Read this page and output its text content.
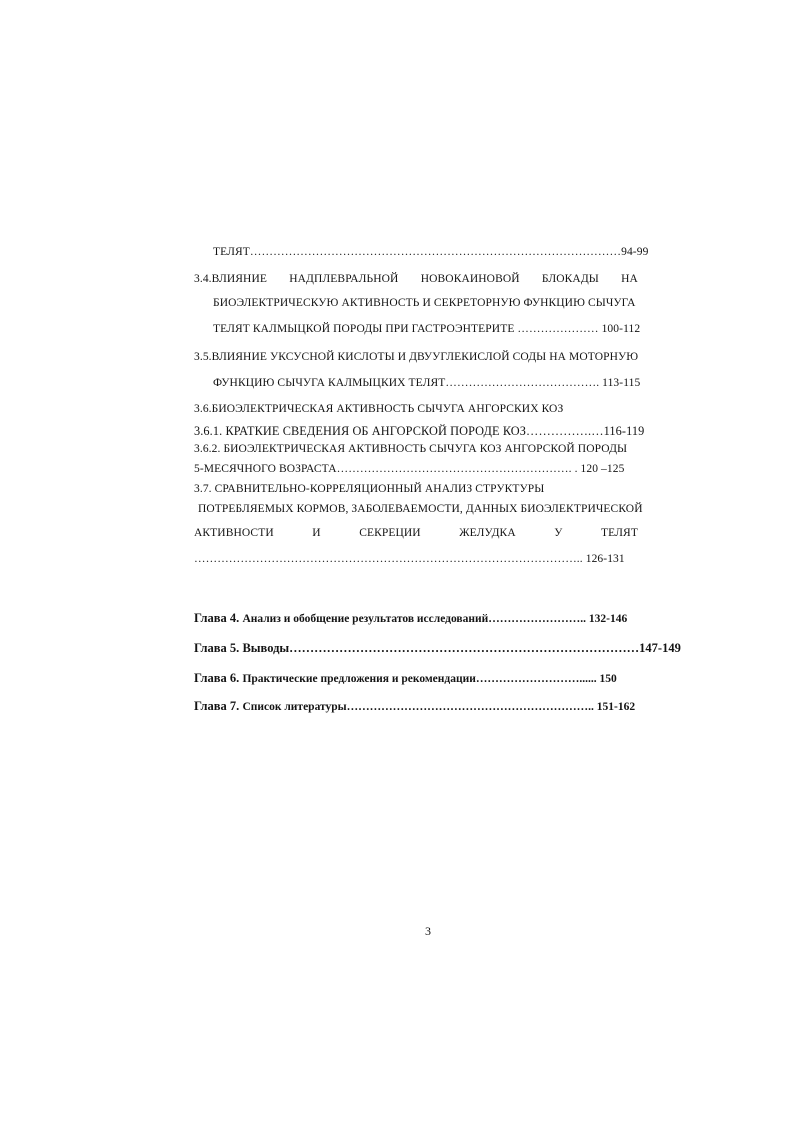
ТЕЛЯТ……………………………………………………………………………………94-99
3.4.ВЛИЯНИЕ НАДПЛЕВРАЛЬНОЙ НОВОКАИНОВОЙ БЛОКАДЫ НА
БИОЭЛЕКТРИЧЕСКУЮ АКТИВНОСТЬ И СЕКРЕТОРНУЮ ФУНКЦИЮ СЫЧУГА
ТЕЛЯТ КАЛМЫЦКОЙ ПОРОДЫ ПРИ ГАСТРОЭНТЕРИТЕ ………………… 100-112
3.5.ВЛИЯНИЕ УКСУСНОЙ КИСЛОТЫ И ДВУУГЛЕКИСЛОЙ СОДЫ НА МОТОРНУЮ
ФУНКЦИЮ СЫЧУГА КАЛМЫЦКИХ ТЕЛЯТ…………………………………. 113-115
3.6.БИОЭЛЕКТРИЧЕСКАЯ АКТИВНОСТЬ СЫЧУГА АНГОРСКИХ КОЗ
3.6.1. КРАТКИЕ СВЕДЕНИЯ ОБ АНГОРСКОЙ ПОРОДЕ КОЗ…………….…116-119
3.6.2. БИОЭЛЕКТРИЧЕСКАЯ АКТИВНОСТЬ СЫЧУГА КОЗ АНГОРСКОЙ ПОРОДЫ
5-МЕСЯЧНОГО ВОЗРАСТА……………………………………………………. . 120 –125
3.7. СРАВНИТЕЛЬНО-КОРРЕЛЯЦИОННЫЙ АНАЛИЗ СТРУКТУРЫ
ПОТРЕБЛЯЕМЫХ КОРМОВ, ЗАБОЛЕВАЕМОСТИ, ДАННЫХ БИОЭЛЕКТРИЧЕСКОЙ
АКТИВНОСТИ	И	СЕКРЕЦИИ	ЖЕЛУДКА	У	ТЕЛЯТ
……………………………………………………………………………………….. 126-131
Глава 4. Анализ и обобщение результатов исследований…………………….. 132-146
Глава 5. Выводы…………………………………………………………………………147-149
Глава 6. Практические предложения и рекомендации………………………...... 150
Глава 7. Список литературы……………………………………………………….. 151-162
3
